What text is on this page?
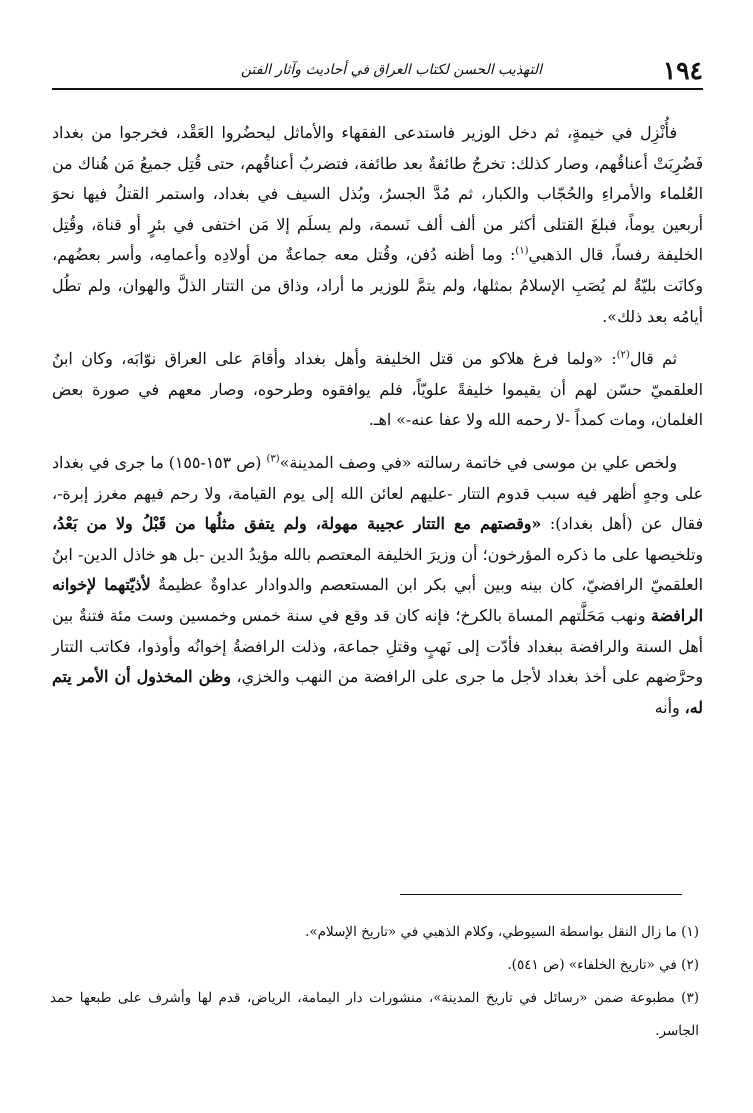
١٩٤
التهذيب الحسن لكتاب العراق في أحاديث وآثار الفتن

فأُنْزِل في خيمةٍ، ثم دخل الوزير فاستدعى الفقهاء والأماثل ليحضُروا العَقْد، فخرجوا من بغداد فَضُرِبَتْ أعناقُهم، وصار كذلك: تخرجُ طائفةٌ بعد طائفة، فتضربُ أعناقُهم، حتى قُتِل جميعُ مَن هُناك من العُلماء والأمراءِ والحُجّاب والكبار، ثم مُدَّ الجسرُ، وبُذل السيف في بغداد، واستمر القتلُ فيها نحوَ أربعين يوماً، فبلغَ القتلى أكثر من ألف ألف نَسمة، ولم يسلَم إلا مَن اختفى في بئرٍ أو قناة، وقُتِل الخليفة رفساً، قال الذهبي$^{(١)}$: وما أظنه دُفن، وقُتل معه جماعةٌ من أولادِه وأعمامِه، وأسر بعضُهم، وكانَت بليّةٌ لم يُصَبِ الإسلامُ بمثلها، ولم يتمَّ للوزير ما أراد، وذاق من التتار الذلَّ والهوان، ولم تطُل أيامُه بعد ذلك».

ثم قال$^{(٢)}$: «ولما فرغ هلاكو من قتل الخليفة وأهل بغداد وأقامَ على العراق نوّابَه، وكان ابنُ العلقميّ حسّن لهم أن يقيموا خليفةً علويّاً، فلم يوافقوه وطرحوه، وصار معهم في صورة بعض الغلمان، ومات كمداً -لا رحمه الله ولا عفا عنه-» اهـ.

ولخص علي بن موسى في خاتمة رسالته «في وصف المدينة»$^{(٣)}$ (ص ١٥٣-١٥٥) ما جرى في بغداد على وجهٍ أظهر فيه سبب قدوم التتار -عليهم لعائن الله إلى يوم القيامة، ولا رحم فيهم مغرز إبرة-، فقال عن (أهل بغداد): «وقصتهم مع التتار عجيبة مهولة، ولم يتفق مثلُها من قَبْلُ ولا من بَعْدُ، وتلخيصها على ما ذكره المؤرخون؛ أن وزيرَ الخليفة المعتصم بالله مؤيدُ الدين -بل هو خاذل الدين- ابنُ العلقميّ الرافضيّ، كان بينه وبين أبي بكر ابن المستعصم والدوادار عداوةٌ عظيمةٌ لأذيّتهما لإخوانه الرافضة ونهب مَحَلَّتهم المساة بالكرخ؛ فإنه كان قد وقع في سنة خمس وخمسين وست مئة فتنةٌ بين أهل السنة والرافضة ببغداد فأدّت إلى نَهبٍ وقتلِ جماعة، وذلت الرافضةُ إخوانُه وأوذوا، فكاتب التتار وحرَّضهم على أخذ بغداد لأجل ما جرى على الرافضة من النهب والخزي، وظن المخذول أن الأمر يتم له، وأنه

(١) ما زال النقل بواسطة السيوطي، وكلام الذهبي في «تاريخ الإسلام».

(٢) في «تاريخ الخلفاء» (ص ٥٤١).

(٣) مطبوعة ضمن «رسائل في تاريخ المدينة»، منشورات دار اليمامة، الرياض، قدم لها وأشرف على طبعها حمد الجاسر.
